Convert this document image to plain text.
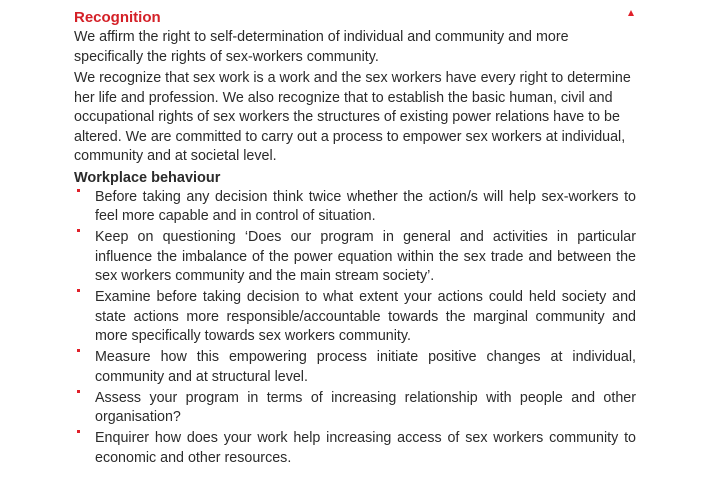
Recognition

We affirm the right to self-determination of individual and community and more specifically the rights of sex-workers community.

We recognize that sex work is a work and the sex workers have every right to determine her life and profession. We also recognize that to establish the basic human, civil and occupational rights of sex workers the structures of existing power relations have to be altered. We are committed to carry out a process to empower sex workers at individual, community and at societal level.

Workplace behaviour
Before taking any decision think twice whether the action/s will help sex-workers to feel more capable and in control of situation.
Keep on questioning ‘Does our program in general and activities in particular influence the imbalance of the power equation within the sex trade and between the sex workers community and the main stream society’.
Examine before taking decision to what extent your actions could held society and state actions more responsible/accountable towards the marginal community and more specifically towards sex workers community.
Measure how this empowering process initiate positive changes at individual, community and at structural level.
Assess your program in terms of increasing relationship with people and other organisation?
Enquirer how does your work help increasing access of sex workers community to economic and other resources.
